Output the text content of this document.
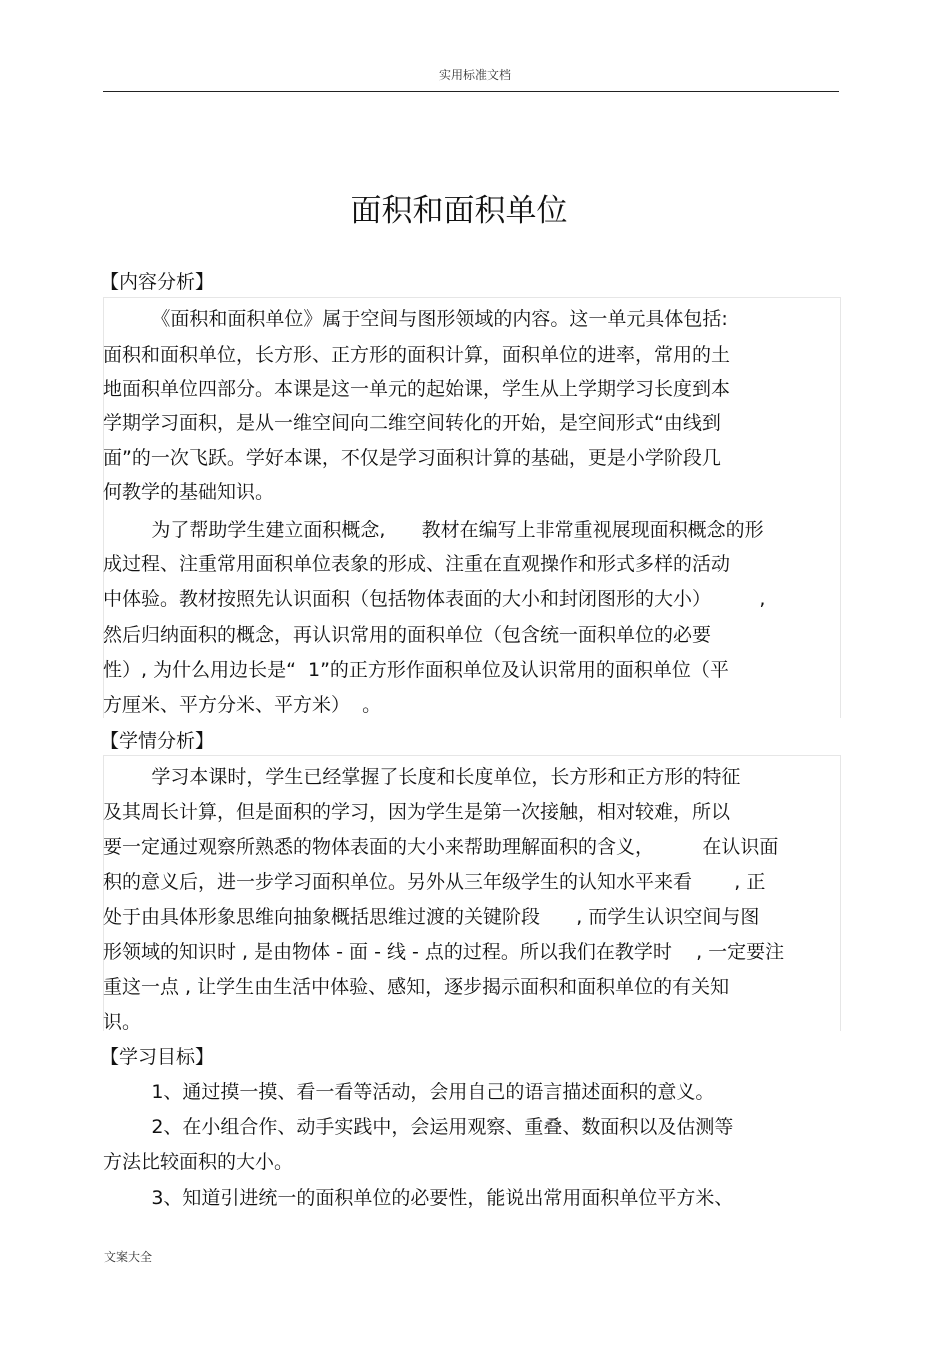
实用标准文档
面积和面积单位
【内容分析】
《面积和面积单位》属于空间与图形领域的内容。这一单元具体包括:
面积和面积单位，长方形、正方形的面积计算，面积单位的进率，常用的土
地面积单位四部分。本课是这一单元的起始课，学生从上学期学习长度到本
学期学习面积，是从一维空间向二维空间转化的开始，是空间形式“由线到
面”的一次飞跃。学好本课，不仅是学习面积计算的基础，更是小学阶段几
何教学的基础知识。
为了帮助学生建立面积概念,      教材在编写上非常重视展现面积概念的形
成过程、注重常用面积单位表象的形成、注重在直观操作和形式多样的活动
中体验。教材按照先认识面积（包括物体表面的大小和封闭图形的大小）        ,
然后归纳面积的概念，再认识常用的面积单位（包含统一面积单位的必要
性）, 为什么用边长是“  1”的正方形作面积单位及认识常用的面积单位（平
方厘米、平方分米、平方米）  。
【学情分析】
学习本课时，学生已经掌握了长度和长度单位，长方形和正方形的特征
及其周长计算，但是面积的学习，因为学生是第一次接触，相对较难，所以
要一定通过观察所熟悉的物体表面的大小来帮助理解面积的含义，        在认识面
积的意义后，进一步学习面积单位。另外从三年级学生的认知水平来看       , 正
处于由具体形象思维向抽象概括思维过渡的关键阶段      , 而学生认识空间与图
形领域的知识时 , 是由物体 - 面 - 线 - 点的过程。所以我们在教学时    , 一定要注
重这一点 , 让学生由生活中体验、感知，逐步揭示面积和面积单位的有关知
识。
【学习目标】
1、通过摸一摸、看一看等活动，会用自己的语言描述面积的意义。
2、在小组合作、动手实践中，会运用观察、重叠、数面积以及估测等
方法比较面积的大小。
3、知道引进统一的面积单位的必要性，能说出常用面积单位平方米、
文案大全
